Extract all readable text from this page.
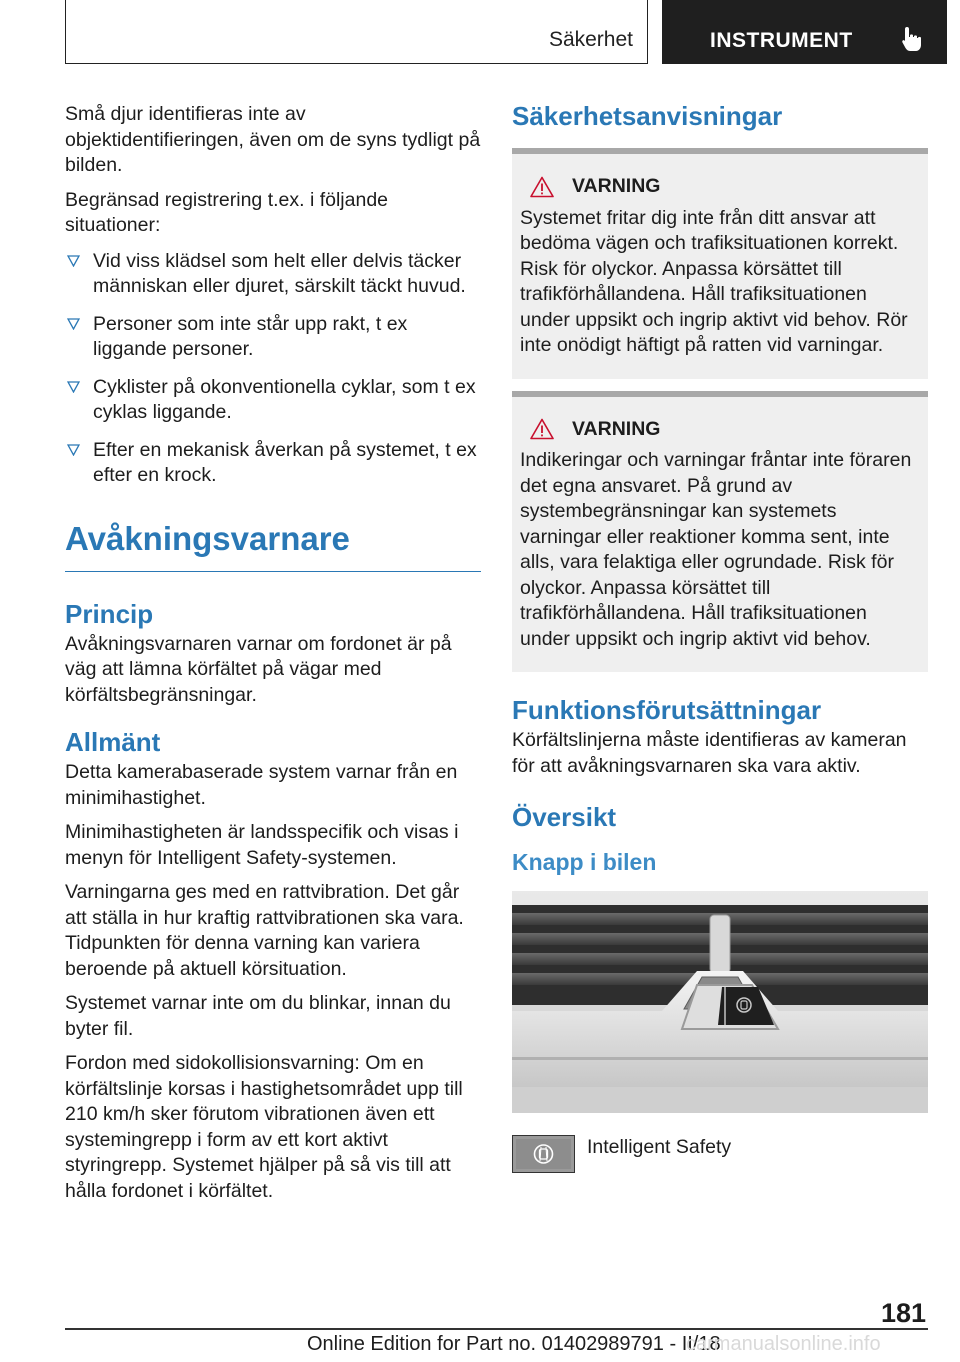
Säkerhet	INSTRUMENT

Små djur identifieras inte av objektidentifieringen, även om de syns tydligt på bilden.

Begränsad registrering t.ex. i följande situationer:

Vid viss klädsel som helt eller delvis täcker människan eller djuret, särskilt täckt huvud.
Personer som inte står upp rakt, t ex liggande personer.
Cyklister på okonventionella cyklar, som t ex cyklas liggande.
Efter en mekanisk åverkan på systemet, t ex efter en krock.
Avåkningsvarnare
Princip

Avåkningsvarnaren varnar om fordonet är på väg att lämna körfältet på vägar med körfältsbegränsningar.

Allmänt

Detta kamerabaserade system varnar från en minimihastighet.

Minimihastigheten är landsspecifik och visas i menyn för Intelligent Safety-systemen.

Varningarna ges med en rattvibration. Det går att ställa in hur kraftig rattvibrationen ska vara. Tidpunkten för denna varning kan variera beroende på aktuell körsituation.

Systemet varnar inte om du blinkar, innan du byter fil.

Fordon med sidokollisionsvarning: Om en körfältslinje korsas i hastighetsområdet upp till 210 km/h sker förutom vibrationen även ett systemingrepp i form av ett kort aktivt styringrepp. Systemet hjälper på så vis till att hålla fordonet i körfältet.

Säkerhetsanvisningar
VARNING
Systemet fritar dig inte från ditt ansvar att bedöma vägen och trafiksituationen korrekt. Risk för olyckor. Anpassa körsättet till trafikförhållandena. Håll trafiksituationen under uppsikt och ingrip aktivt vid behov. Rör inte onödigt häftigt på ratten vid varningar.
VARNING
Indikeringar och varningar fråntar inte föraren det egna ansvaret. På grund av systembegränsningar kan systemets varningar eller reaktioner komma sent, inte alls, vara felaktiga eller ogrundade. Risk för olyckor. Anpassa körsättet till trafikförhållandena. Håll trafiksituationen under uppsikt och ingrip aktivt vid behov.
Funktionsförutsättningar

Körfältslinjerna måste identifieras av kameran för att avåkningsvarnaren ska vara aktiv.

Översikt
Knapp i bilen
Intelligent Safety
181
Online Edition for Part no. 01402989791 - II/18
carmanualsonline.info
